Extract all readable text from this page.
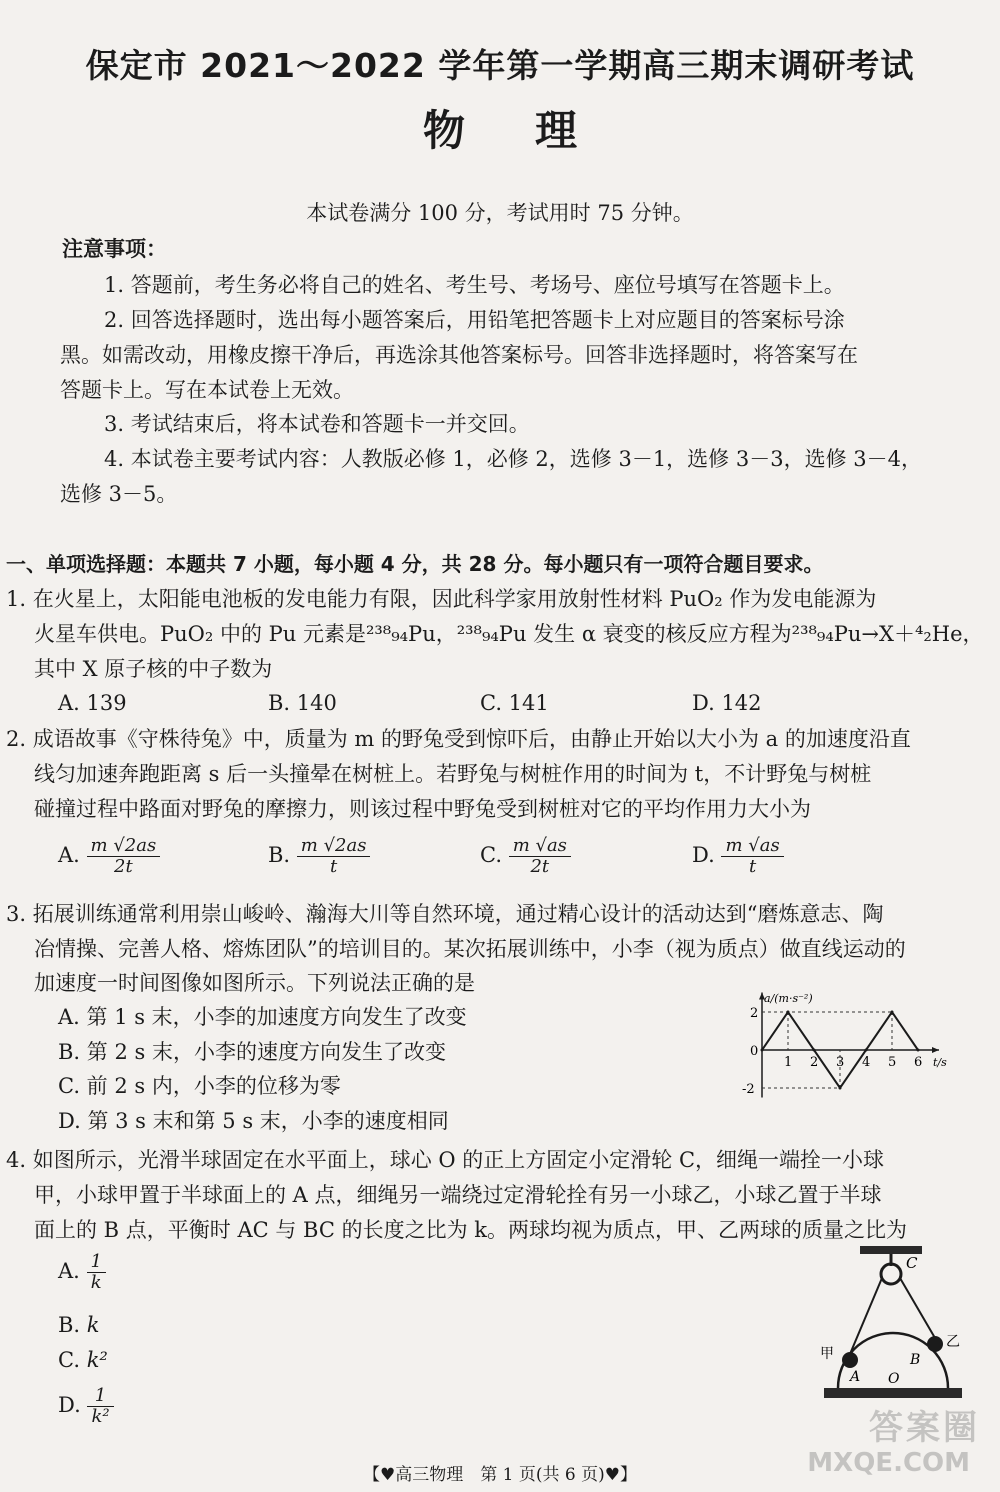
保定市 2021～2022 学年第一学期高三期末调研考试
物理
本试卷满分 100 分，考试用时 75 分钟。
注意事项：
1. 答题前，考生务必将自己的姓名、考生号、考场号、座位号填写在答题卡上。
2. 回答选择题时，选出每小题答案后，用铅笔把答题卡上对应题目的答案标号涂
黑。如需改动，用橡皮擦干净后，再选涂其他答案标号。回答非选择题时，将答案写在
答题卡上。写在本试卷上无效。
3. 考试结束后，将本试卷和答题卡一并交回。
4. 本试卷主要考试内容：人教版必修 1，必修 2，选修 3－1，选修 3－3，选修 3－4，
选修 3－5。
一、单项选择题：本题共 7 小题，每小题 4 分，共 28 分。每小题只有一项符合题目要求。
1. 在火星上，太阳能电池板的发电能力有限，因此科学家用放射性材料 PuO₂ 作为发电能源为
火星车供电。PuO₂ 中的 Pu 元素是²³⁸₉₄Pu，²³⁸₉₄Pu 发生 α 衰变的核反应方程为²³⁸₉₄Pu→X＋⁴₂He，
其中 X 原子核的中子数为
A. 139	B. 140	C. 141	D. 142
2. 成语故事《守株待兔》中，质量为 m 的野兔受到惊吓后，由静止开始以大小为 a 的加速度沿直
线匀加速奔跑距离 s 后一头撞晕在树桩上。若野兔与树桩作用的时间为 t，不计野兔与树桩
碰撞过程中路面对野兔的摩擦力，则该过程中野兔受到树桩对它的平均作用力大小为
A. $\frac{m √2as}{2t}$	B. $\frac{m √2as}{t}$	C. $\frac{m √as}{2t}$	D. $\frac{m √as}{t}$
3. 拓展训练通常利用崇山峻岭、瀚海大川等自然环境，通过精心设计的活动达到“磨炼意志、陶
冶情操、完善人格、熔炼团队”的培训目的。某次拓展训练中，小李（视为质点）做直线运动的
加速度一时间图像如图所示。下列说法正确的是
A. 第 1 s 末，小李的加速度方向发生了改变
B. 第 2 s 末，小李的速度方向发生了改变
C. 前 2 s 内，小李的位移为零
D. 第 3 s 末和第 5 s 末，小李的速度相同
1 2 3 4 5 6
2
0
-2
a/(m·s⁻²)
t/s
4. 如图所示，光滑半球固定在水平面上，球心 O 的正上方固定小定滑轮 C，细绳一端拴一小球
甲，小球甲置于半球面上的 A 点，细绳另一端绕过定滑轮拴有另一小球乙，小球乙置于半球
面上的 B 点，平衡时 AC 与 BC 的长度之比为 k。两球均视为质点，甲、乙两球的质量之比为
A. $\frac{1}{k}$
B. k
C. k²
D. $\frac{1}{\text{k²}}$
C
甲
乙
A
B
O
【♥高三物理　第 1 页(共 6 页)♥】
答案圈
MXQE.COM
